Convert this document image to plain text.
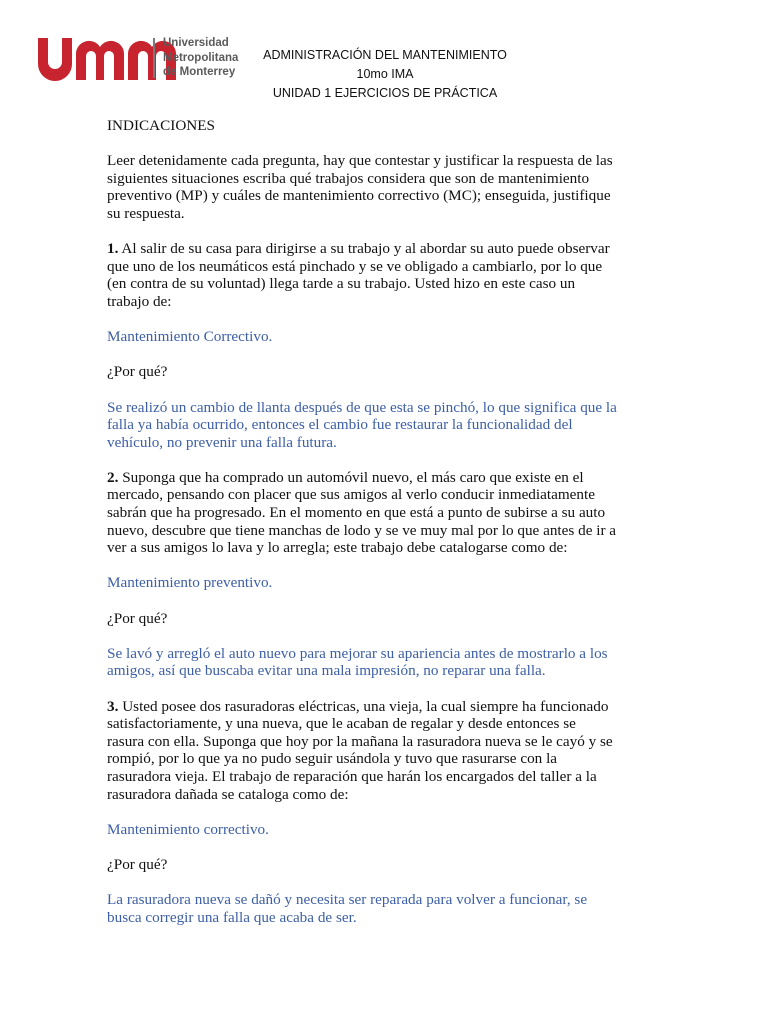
Universidad
Metropolitana
de Monterrey
ADMINISTRACIÓN DEL MANTENIMIENTO
10mo IMA
UNIDAD 1 EJERCICIOS DE PRÁCTICA

INDICACIONES

Leer detenidamente cada pregunta, hay que contestar y justificar la respuesta de las

siguientes situaciones escriba qué trabajos considera que son de mantenimiento

preventivo (MP) y cuáles de mantenimiento correctivo (MC); enseguida, justifique

su respuesta.

1. Al salir de su casa para dirigirse a su trabajo y al abordar su auto puede observar

que uno de los neumáticos está pinchado y se ve obligado a cambiarlo, por lo que

(en contra de su voluntad) llega tarde a su trabajo. Usted hizo en este caso un

trabajo de:

Mantenimiento Correctivo.

¿Por qué?

Se realizó un cambio de llanta después de que esta se pinchó, lo que significa que la

falla ya había ocurrido, entonces el cambio fue restaurar la funcionalidad del

vehículo, no prevenir una falla futura.

2. Suponga que ha comprado un automóvil nuevo, el más caro que existe en el

mercado, pensando con placer que sus amigos al verlo conducir inmediatamente

sabrán que ha progresado. En el momento en que está a punto de subirse a su auto

nuevo, descubre que tiene manchas de lodo y se ve muy mal por lo que antes de ir a

ver a sus amigos lo lava y lo arregla; este trabajo debe catalogarse como de:

Mantenimiento preventivo.

¿Por qué?

Se lavó y arregló el auto nuevo para mejorar su apariencia antes de mostrarlo a los

amigos, así que buscaba evitar una mala impresión, no reparar una falla.

3. Usted posee dos rasuradoras eléctricas, una vieja, la cual siempre ha funcionado

satisfactoriamente, y una nueva, que le acaban de regalar y desde entonces se

rasura con ella. Suponga que hoy por la mañana la rasuradora nueva se le cayó y se

rompió, por lo que ya no pudo seguir usándola y tuvo que rasurarse con la

rasuradora vieja. El trabajo de reparación que harán los encargados del taller a la

rasuradora dañada se cataloga como de:

Mantenimiento correctivo.

¿Por qué?

La rasuradora nueva se dañó y necesita ser reparada para volver a funcionar, se

busca corregir una falla que acaba de ser.
